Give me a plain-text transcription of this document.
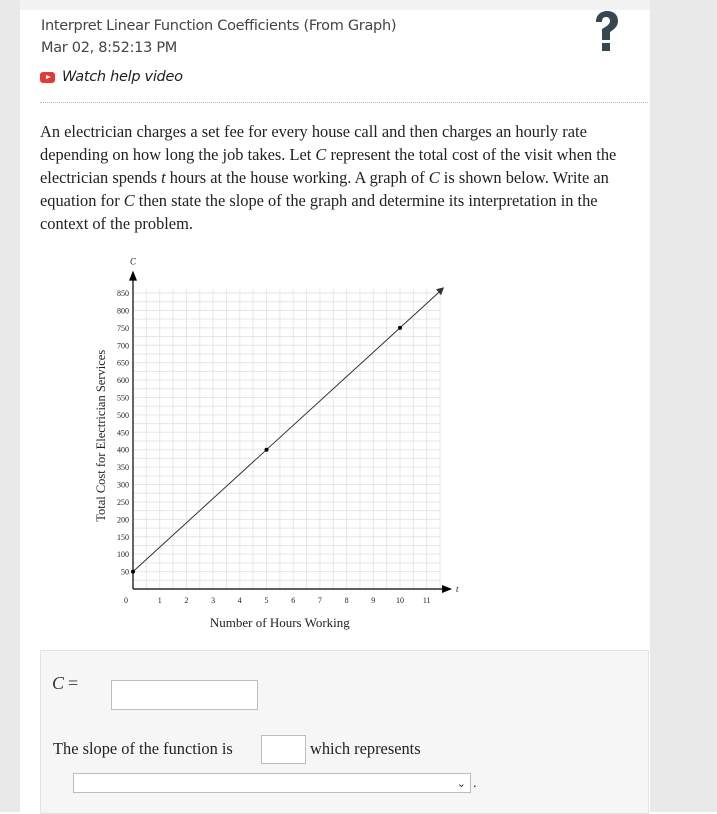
Interpret Linear Function Coefficients (From Graph)
Mar 02, 8:52:13 PM
Watch help video
An electrician charges a set fee for every house call and then charges an hourly rate depending on how long the job takes. Let C represent the total cost of the visit when the electrician spends t hours at the house working. A graph of C is shown below. Write an equation for C then state the slope of the graph and determine its interpretation in the context of the problem.
1	2	3	4	5	6	7	8	9	10 11
0
100
150
200
250
300
350
400
450
500
550
600
650
700
750
800
850
50
C
t
Number of Hours Working
Total Cost for Electrician Services
C =
The slope of the function is	which represents
⌄ .
